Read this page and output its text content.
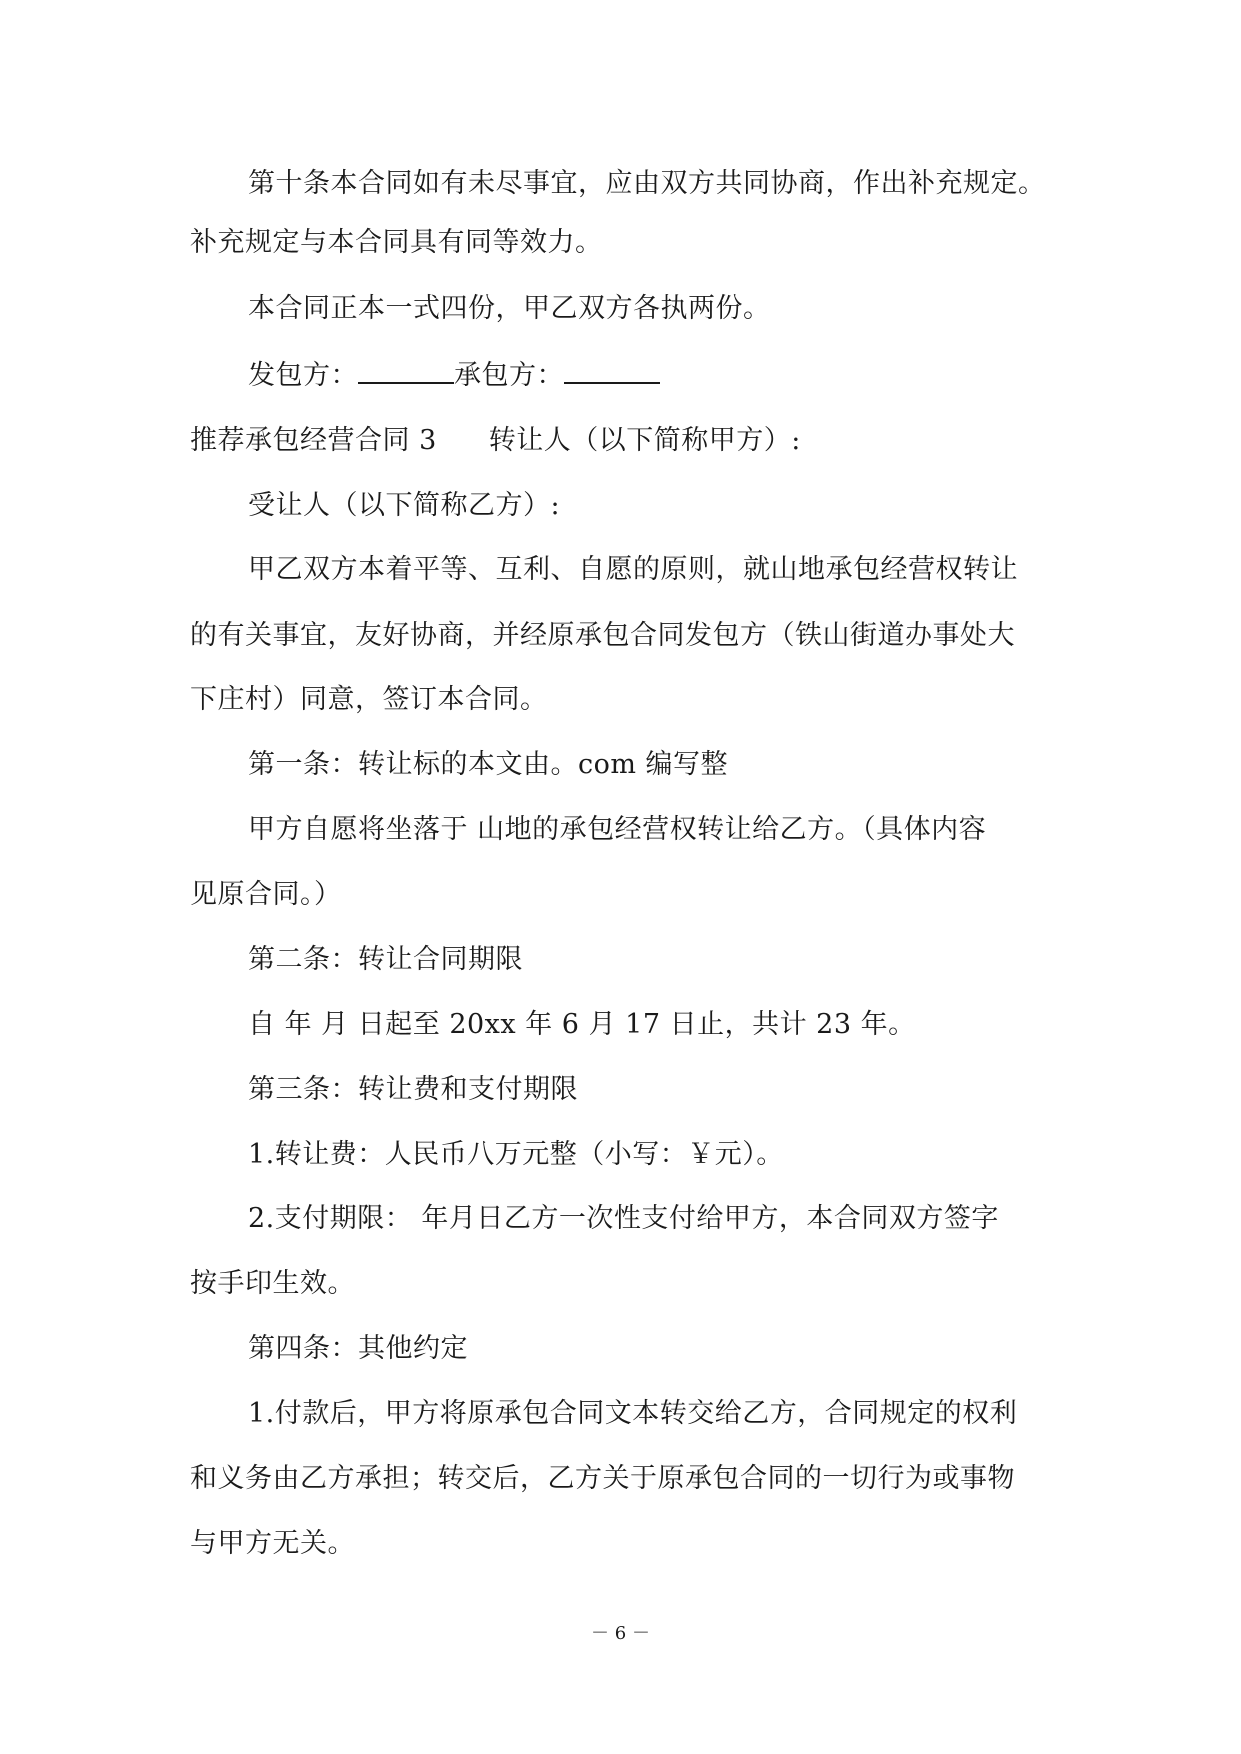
第十条本合同如有未尽事宜，应由双方共同协商，作出补充规定。
补充规定与本合同具有同等效力。
本合同正本一式四份，甲乙双方各执两份。
发包方：	承包方：
推荐承包经营合同 3 转让人（以下简称甲方）:
受让人（以下简称乙方）:
甲乙双方本着平等、互利、自愿的原则，就山地承包经营权转让
的有关事宜，友好协商，并经原承包合同发包方（铁山街道办事处大
下庄村）同意，签订本合同。
第一条：转让标的本文由。com 编写整
甲方自愿将坐落于 山地的承包经营权转让给乙方。（具体内容
见原合同。）
第二条：转让合同期限
自 年 月 日起至 20xx 年 6 月 17 日止，共计 23 年。
第三条：转让费和支付期限
1.转让费：人民币八万元整（小写：￥元）。
2.支付期限： 年月日乙方一次性支付给甲方，本合同双方签字
按手印生效。
第四条：其他约定
1.付款后，甲方将原承包合同文本转交给乙方，合同规定的权利
和义务由乙方承担；转交后，乙方关于原承包合同的一切行为或事物
与甲方无关。
－ 6 －
